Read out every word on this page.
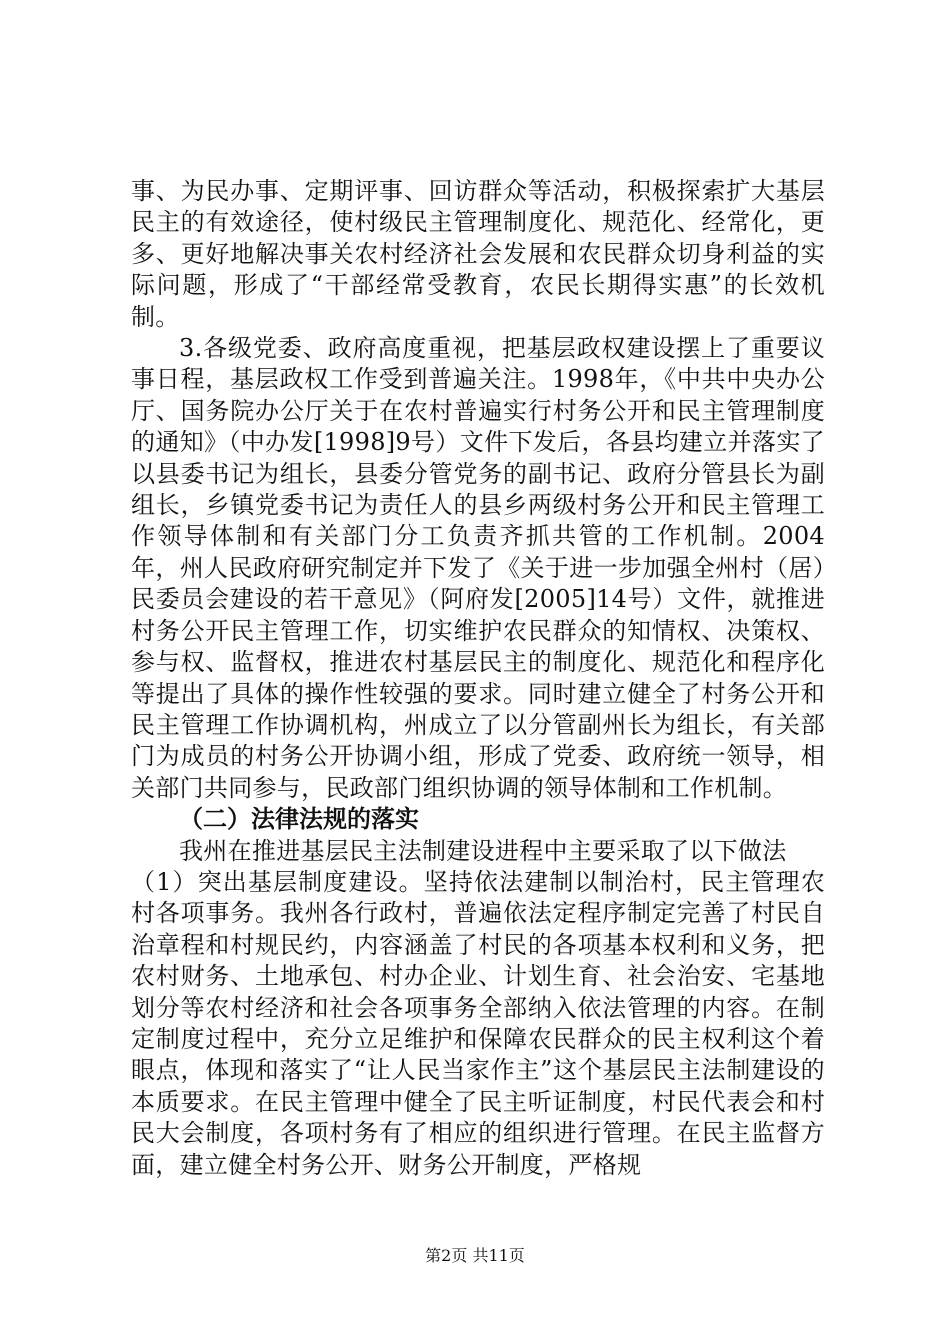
事、为民办事、定期评事、回访群众等活动，积极探索扩大基层民主的有效途径，使村级民主管理制度化、规范化、经常化，更多、更好地解决事关农村经济社会发展和农民群众切身利益的实际问题，形成了“干部经常受教育，农民长期得实惠”的长效机制。

3.各级党委、政府高度重视，把基层政权建设摆上了重要议事日程，基层政权工作受到普遍关注。1998年，《中共中央办公厅、国务院办公厅关于在农村普遍实行村务公开和民主管理制度的通知》（中办发[1998]9号）文件下发后，各县均建立并落实了以县委书记为组长，县委分管党务的副书记、政府分管县长为副组长，乡镇党委书记为责任人的县乡两级村务公开和民主管理工作领导体制和有关部门分工负责齐抓共管的工作机制。2004年，州人民政府研究制定并下发了《关于进一步加强全州村（居）民委员会建设的若干意见》（阿府发[2005]14号）文件，就推进村务公开民主管理工作，切实维护农民群众的知情权、决策权、参与权、监督权，推进农村基层民主的制度化、规范化和程序化等提出了具体的操作性较强的要求。同时建立健全了村务公开和民主管理工作协调机构，州成立了以分管副州长为组长，有关部门为成员的村务公开协调小组，形成了党委、政府统一领导，相关部门共同参与，民政部门组织协调的领导体制和工作机制。

（二）法律法规的落实

我州在推进基层民主法制建设进程中主要采取了以下做法

（1）突出基层制度建设。坚持依法建制以制治村，民主管理农村各项事务。我州各行政村，普遍依法定程序制定完善了村民自治章程和村规民约，内容涵盖了村民的各项基本权利和义务，把农村财务、土地承包、村办企业、计划生育、社会治安、宅基地划分等农村经济和社会各项事务全部纳入依法管理的内容。在制定制度过程中，充分立足维护和保障农民群众的民主权利这个着眼点，体现和落实了“让人民当家作主”这个基层民主法制建设的本质要求。在民主管理中健全了民主听证制度，村民代表会和村民大会制度，各项村务有了相应的组织进行管理。在民主监督方面，建立健全村务公开、财务公开制度，严格规

第2页 共11页
